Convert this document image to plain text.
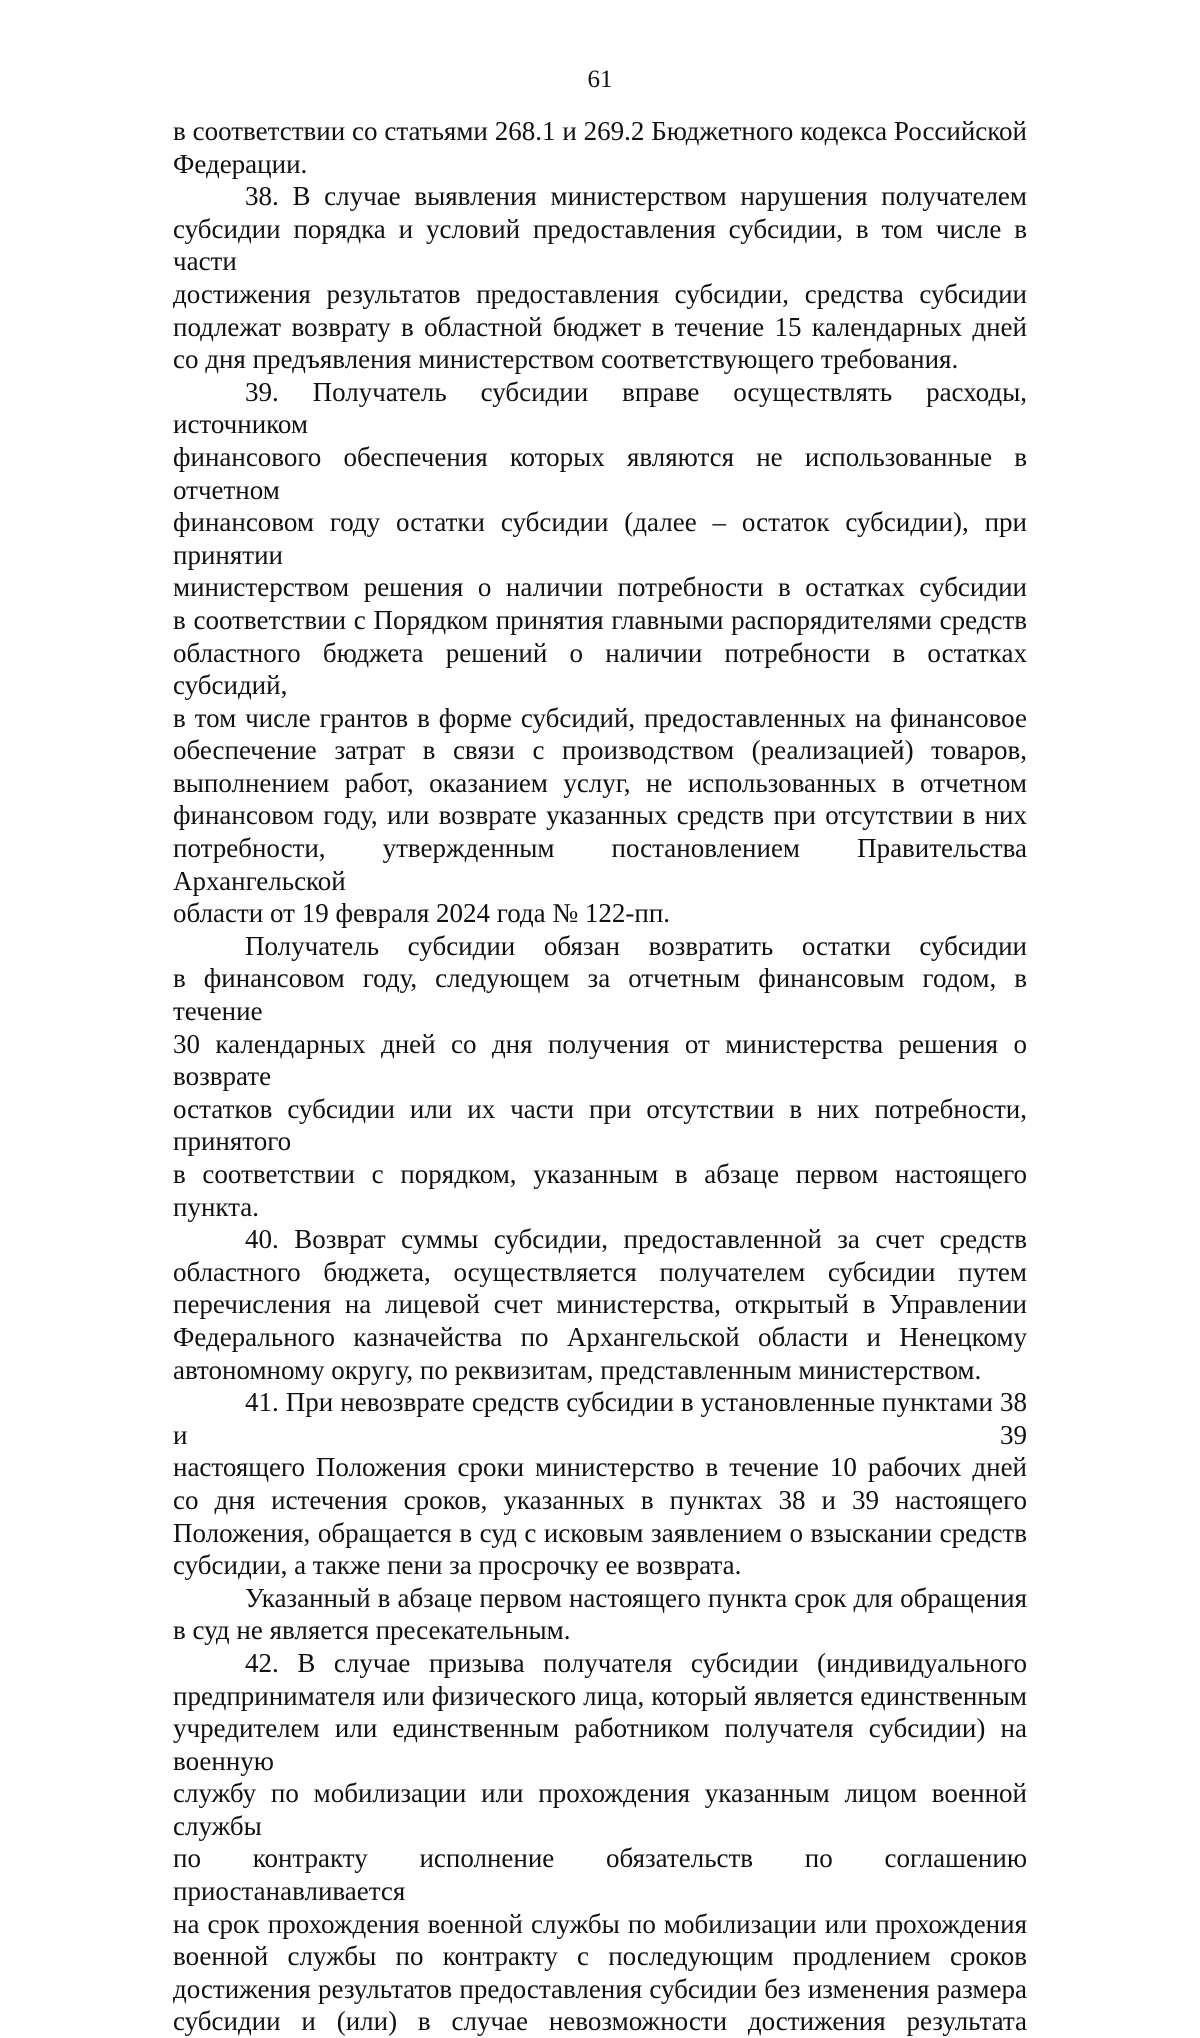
61

в соответствии со статьями 268.1 и 269.2 Бюджетного кодекса Российской

Федерации.

38. В случае выявления министерством нарушения получателем

субсидии порядка и условий предоставления субсидии, в том числе в части

достижения результатов предоставления субсидии, средства субсидии

подлежат возврату в областной бюджет в течение 15 календарных дней

со дня предъявления министерством соответствующего требования.

39. Получатель субсидии вправе осуществлять расходы, источником

финансового обеспечения которых являются не использованные в отчетном

финансовом году остатки субсидии (далее – остаток субсидии), при принятии

министерством решения о наличии потребности в остатках субсидии

в соответствии с Порядком принятия главными распорядителями средств

областного бюджета решений о наличии потребности в остатках субсидий,

в том числе грантов в форме субсидий, предоставленных на финансовое

обеспечение затрат в связи с производством (реализацией) товаров,

выполнением работ, оказанием услуг, не использованных в отчетном

финансовом году, или возврате указанных средств при отсутствии в них

потребности, утвержденным постановлением Правительства Архангельской

области от 19 февраля 2024 года № 122-пп.

Получатель субсидии обязан возвратить остатки субсидии

в финансовом году, следующем за отчетным финансовым годом, в течение

30 календарных дней со дня получения от министерства решения о возврате

остатков субсидии или их части при отсутствии в них потребности, принятого

в соответствии с порядком, указанным в абзаце первом настоящего пункта.

40. Возврат суммы субсидии, предоставленной за счет средств

областного бюджета, осуществляется получателем субсидии путем

перечисления на лицевой счет министерства, открытый в Управлении

Федерального казначейства по Архангельской области и Ненецкому

автономному округу, по реквизитам, представленным министерством.

41. При невозврате средств субсидии в установленные пунктами 38 и 39

настоящего Положения сроки министерство в течение 10 рабочих дней

со дня истечения сроков, указанных в пунктах 38 и 39 настоящего

Положения, обращается в суд с исковым заявлением о взыскании средств

субсидии, а также пени за просрочку ее возврата.

Указанный в абзаце первом настоящего пункта срок для обращения

в суд не является пресекательным.

42. В случае призыва получателя субсидии (индивидуального

предпринимателя или физического лица, который является единственным

учредителем или единственным работником получателя субсидии) на военную

службу по мобилизации или прохождения указанным лицом военной службы

по контракту исполнение обязательств по соглашению приостанавливается

на срок прохождения военной службы по мобилизации или прохождения

военной службы по контракту с последующим продлением сроков

достижения результатов предоставления субсидии без изменения размера

субсидии и (или) в случае невозможности достижения результата
